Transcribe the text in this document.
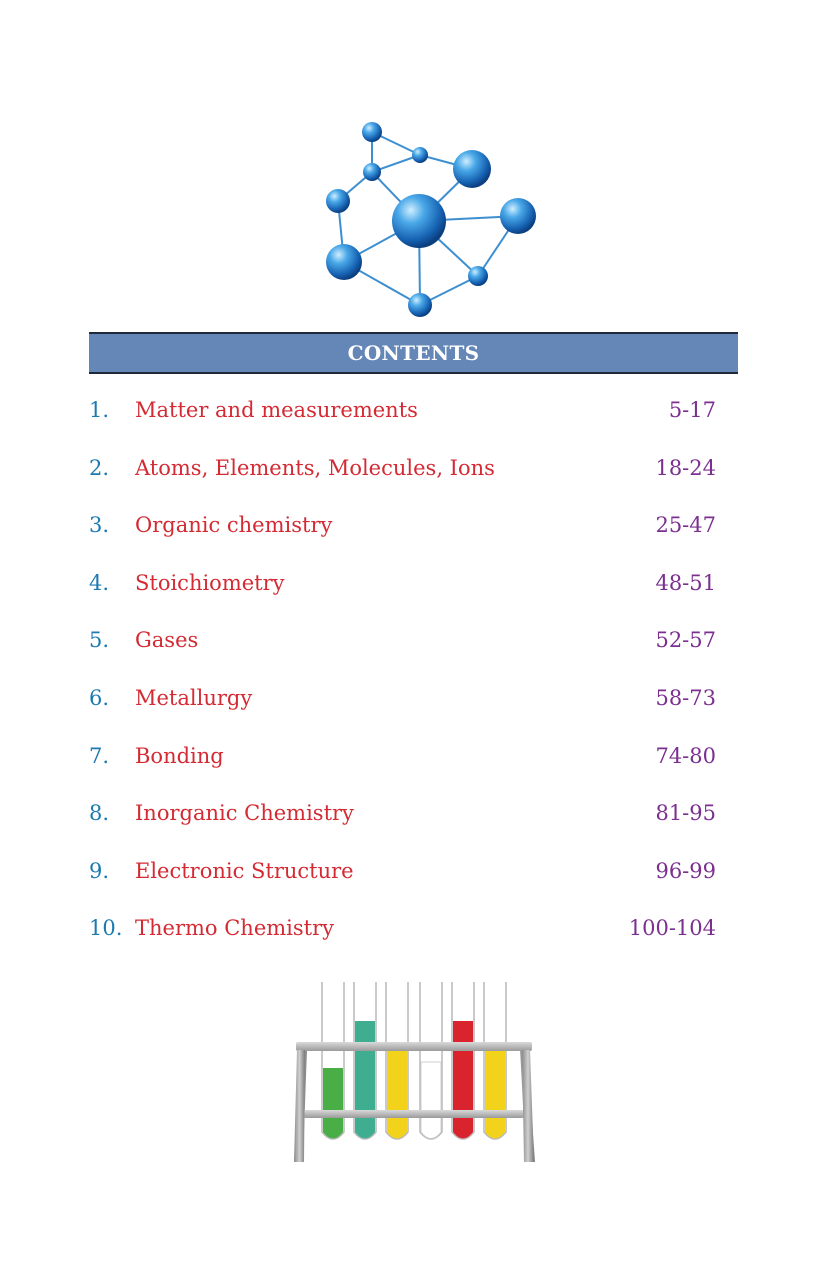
CONTENTS
1. Matter and measurements	5-17
2. Atoms, Elements, Molecules, Ions	18-24
3. Organic chemistry	25-47
4. Stoichiometry	48-51
5. Gases	52-57
6. Metallurgy	58-73
7. Bonding	74-80
8. Inorganic Chemistry	81-95
9. Electronic Structure	96-99
10. Thermo Chemistry	100-104
